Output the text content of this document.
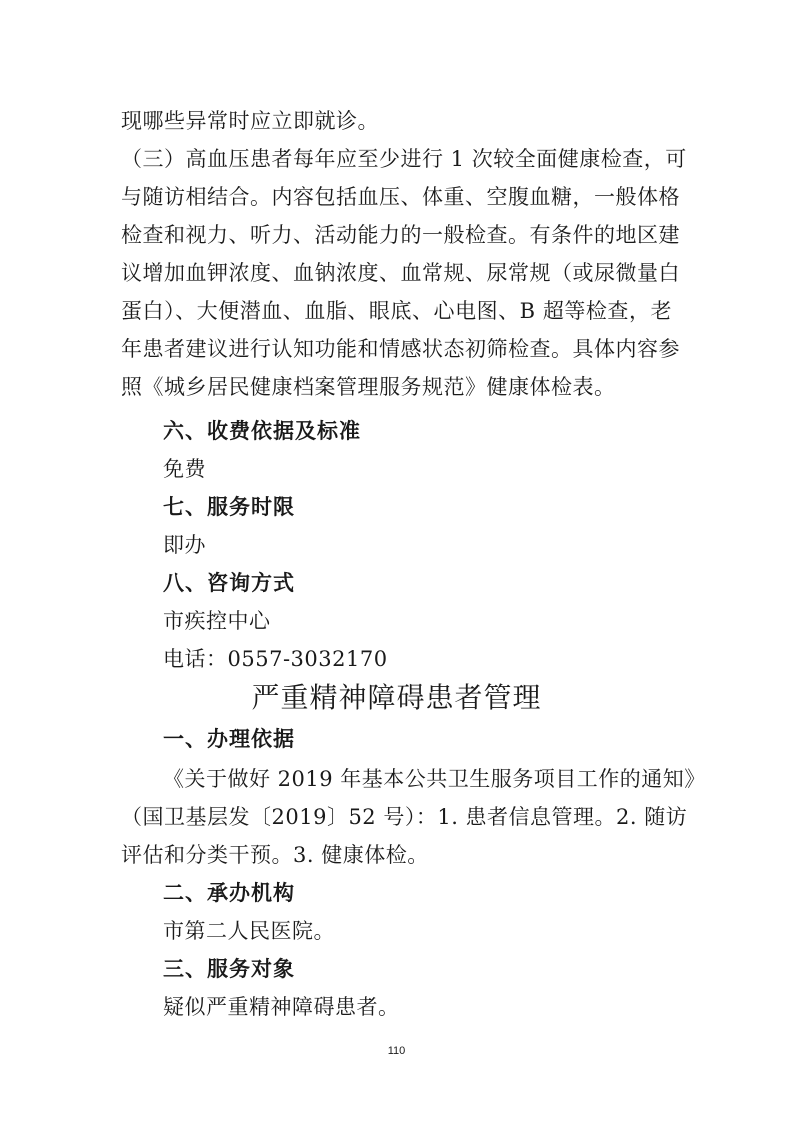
现哪些异常时应立即就诊。
（三）高血压患者每年应至少进行 1 次较全面健康检查，可
与随访相结合。内容包括血压、体重、空腹血糖，一般体格
检查和视力、听力、活动能力的一般检查。有条件的地区建
议增加血钾浓度、血钠浓度、血常规、尿常规（或尿微量白
蛋白）、大便潜血、血脂、眼底、心电图、B 超等检查，老
年患者建议进行认知功能和情感状态初筛检查。具体内容参
照《城乡居民健康档案管理服务规范》健康体检表。
六、收费依据及标准
免费
七、服务时限
即办
八、咨询方式
市疾控中心
电话：0557-3032170
严重精神障碍患者管理
一、办理依据
《关于做好 2019 年基本公共卫生服务项目工作的通知》
（国卫基层发〔2019〕52 号）：1. 患者信息管理。2. 随访
评估和分类干预。3. 健康体检。
二、承办机构
市第二人民医院。
三、服务对象
疑似严重精神障碍患者。
110
